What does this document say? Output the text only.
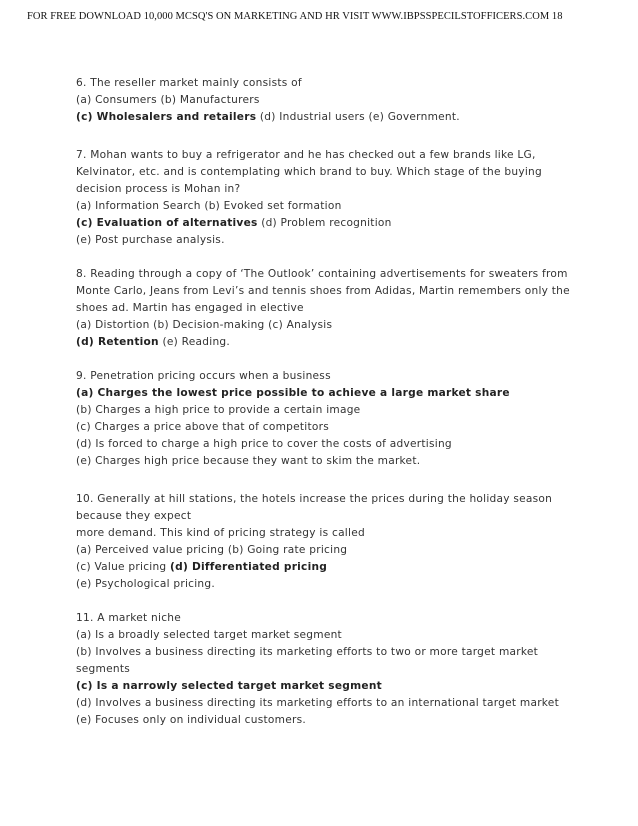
FOR FREE DOWNLOAD 10,000 MCSQ'S ON MARKETING AND HR VISIT WWW.IBPSSPECILSTOFFICERS.COM 18
6. The reseller market mainly consists of
(a) Consumers (b) Manufacturers
(c) Wholesalers and retailers (d) Industrial users (e) Government.
7. Mohan wants to buy a refrigerator and he has checked out a few brands like LG,
Kelvinator, etc. and is contemplating which brand to buy. Which stage of the buying
decision process is Mohan in?
(a) Information Search (b) Evoked set formation
(c) Evaluation of alternatives (d) Problem recognition
(e) Post purchase analysis.
8. Reading through a copy of ‘The Outlook’ containing advertisements for sweaters from
Monte Carlo, Jeans from Levi’s and tennis shoes from Adidas, Martin remembers only the
shoes ad. Martin has engaged in elective
(a) Distortion (b) Decision-making (c) Analysis
(d) Retention (e) Reading.
9. Penetration pricing occurs when a business
(a) Charges the lowest price possible to achieve a large market share
(b) Charges a high price to provide a certain image
(c) Charges a price above that of competitors
(d) Is forced to charge a high price to cover the costs of advertising
(e) Charges high price because they want to skim the market.
10. Generally at hill stations, the hotels increase the prices during the holiday season
because they expect
more demand. This kind of pricing strategy is called
(a) Perceived value pricing (b) Going rate pricing
(c) Value pricing (d) Differentiated pricing
(e) Psychological pricing.
11. A market niche
(a) Is a broadly selected target market segment
(b) Involves a business directing its marketing efforts to two or more target market
segments
(c) Is a narrowly selected target market segment
(d) Involves a business directing its marketing efforts to an international target market
(e) Focuses only on individual customers.
